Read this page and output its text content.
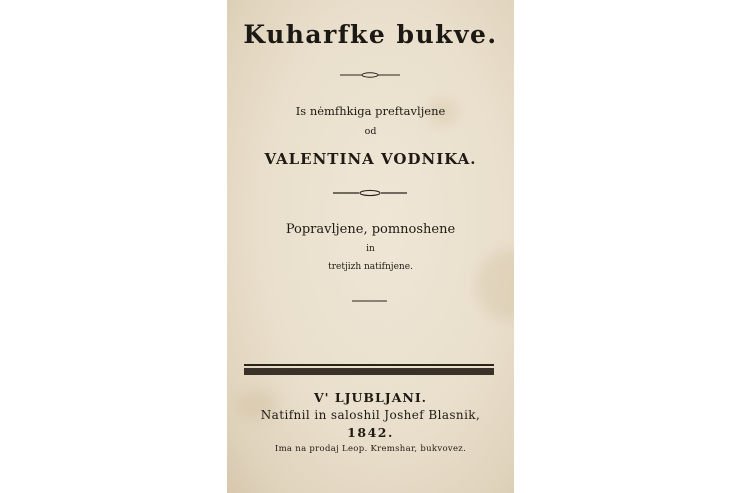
Kuharfke bukve.
Is nėmfhkiga preftavljene
od
VALENTINA VODNIKA.
Popravljene, pomnoshene
in
tretjizh natifnjene.
V' LJUBLJANI.
Natifnil in saloshil Joshef Blasnik,
1842.
Ima na prodaj Leop. Kremshar, bukvovez.
